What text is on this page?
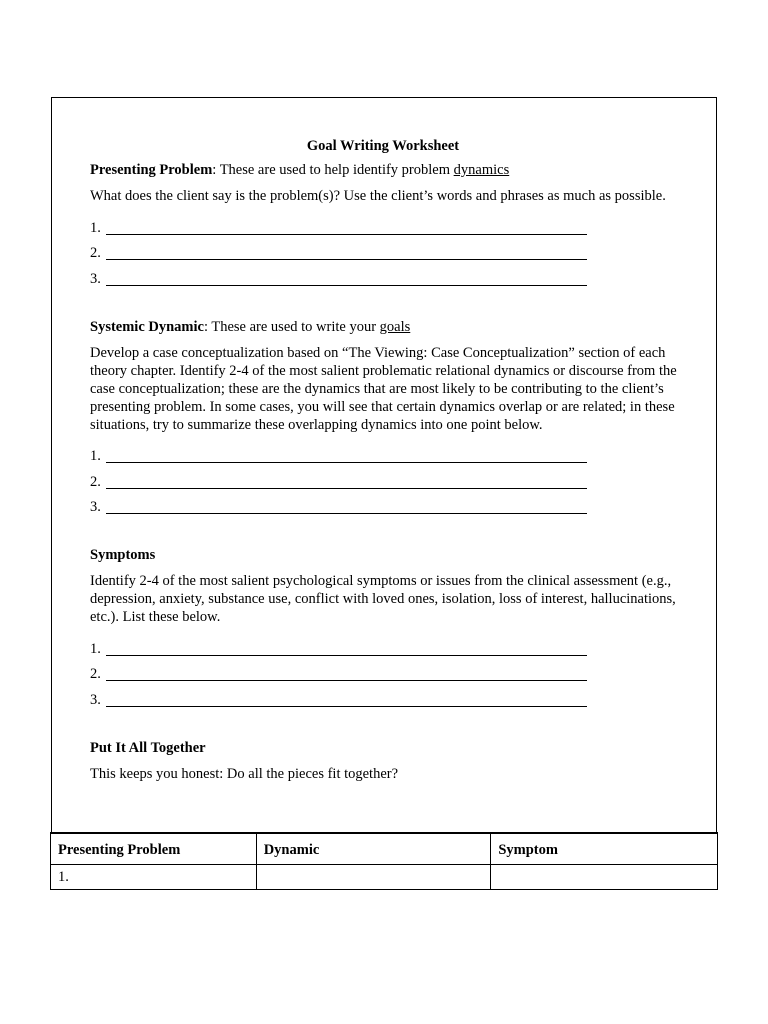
Goal Writing Worksheet
Presenting Problem: These are used to help identify problem dynamics
What does the client say is the problem(s)? Use the client’s words and phrases as much as possible.
1.
2.
3.
Systemic Dynamic: These are used to write your goals
Develop a case conceptualization based on “The Viewing: Case Conceptualization” section of each theory chapter. Identify 2-4 of the most salient problematic relational dynamics or discourse from the case conceptualization; these are the dynamics that are most likely to be contributing to the client’s presenting problem. In some cases, you will see that certain dynamics overlap or are related; in these situations, try to summarize these overlapping dynamics into one point below.
1.
2.
3.
Symptoms
Identify 2-4 of the most salient psychological symptoms or issues from the clinical assessment (e.g., depression, anxiety, substance use, conflict with loved ones, isolation, loss of interest, hallucinations, etc.). List these below.
1.
2.
3.
Put It All Together
This keeps you honest: Do all the pieces fit together?
Presenting Problem	Dynamic	Symptom
1.		
